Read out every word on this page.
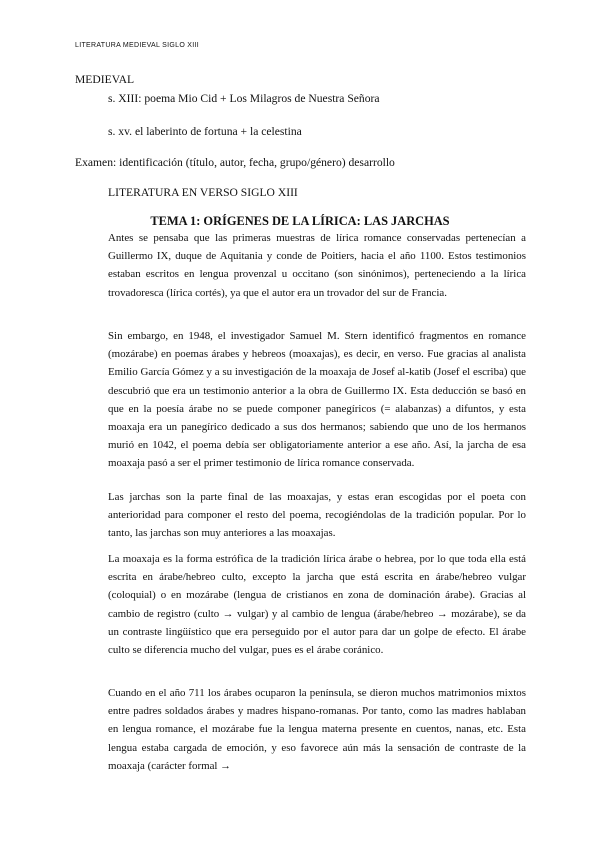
LITERATURA MEDIEVAL SIGLO XIII
MEDIEVAL
s. XIII: poema Mio Cid + Los Milagros de Nuestra Señora
s. xv. el laberinto de fortuna + la celestina
Examen: identificación (título, autor, fecha, grupo/género) desarrollo
LITERATURA EN VERSO SIGLO XIII
TEMA 1: ORÍGENES DE LA LÍRICA: LAS JARCHAS
Antes se pensaba que las primeras muestras de lírica romance conservadas pertenecían a Guillermo IX, duque de Aquitania y conde de Poitiers, hacia el año 1100. Estos testimonios estaban escritos en lengua provenzal u occitano (son sinónimos), perteneciendo a la lírica trovadoresca (lírica cortés), ya que el autor era un trovador del sur de Francia.
Sin embargo, en 1948, el investigador Samuel M. Stern identificó fragmentos en romance (mozárabe) en poemas árabes y hebreos (moaxajas), es decir, en verso. Fue gracias al analista Emilio García Gómez y a su investigación de la moaxaja de Josef al-katib (Josef el escriba) que descubrió que era un testimonio anterior a la obra de Guillermo IX. Esta deducción se basó en que en la poesía árabe no se puede componer panegíricos (= alabanzas) a difuntos, y esta moaxaja era un panegírico dedicado a sus dos hermanos; sabiendo que uno de los hermanos murió en 1042, el poema debía ser obligatoriamente anterior a ese año. Así, la jarcha de esa moaxaja pasó a ser el primer testimonio de lírica romance conservada.
Las jarchas son la parte final de las moaxajas, y estas eran escogidas por el poeta con anterioridad para componer el resto del poema, recogiéndolas de la tradición popular. Por lo tanto, las jarchas son muy anteriores a las moaxajas.
La moaxaja es la forma estrófica de la tradición lírica árabe o hebrea, por lo que toda ella está escrita en árabe/hebreo culto, excepto la jarcha que está escrita en árabe/hebreo vulgar (coloquial) o en mozárabe (lengua de cristianos en zona de dominación árabe). Gracias al cambio de registro (culto → vulgar) y al cambio de lengua (árabe/hebreo → mozárabe), se da un contraste lingüístico que era perseguido por el autor para dar un golpe de efecto. El árabe culto se diferencia mucho del vulgar, pues es el árabe coránico.
Cuando en el año 711 los árabes ocuparon la península, se dieron muchos matrimonios mixtos entre padres soldados árabes y madres hispano-romanas. Por tanto, como las madres hablaban en lengua romance, el mozárabe fue la lengua materna presente en cuentos, nanas, etc. Esta lengua estaba cargada de emoción, y eso favorece aún más la sensación de contraste de la moaxaja (carácter formal →
